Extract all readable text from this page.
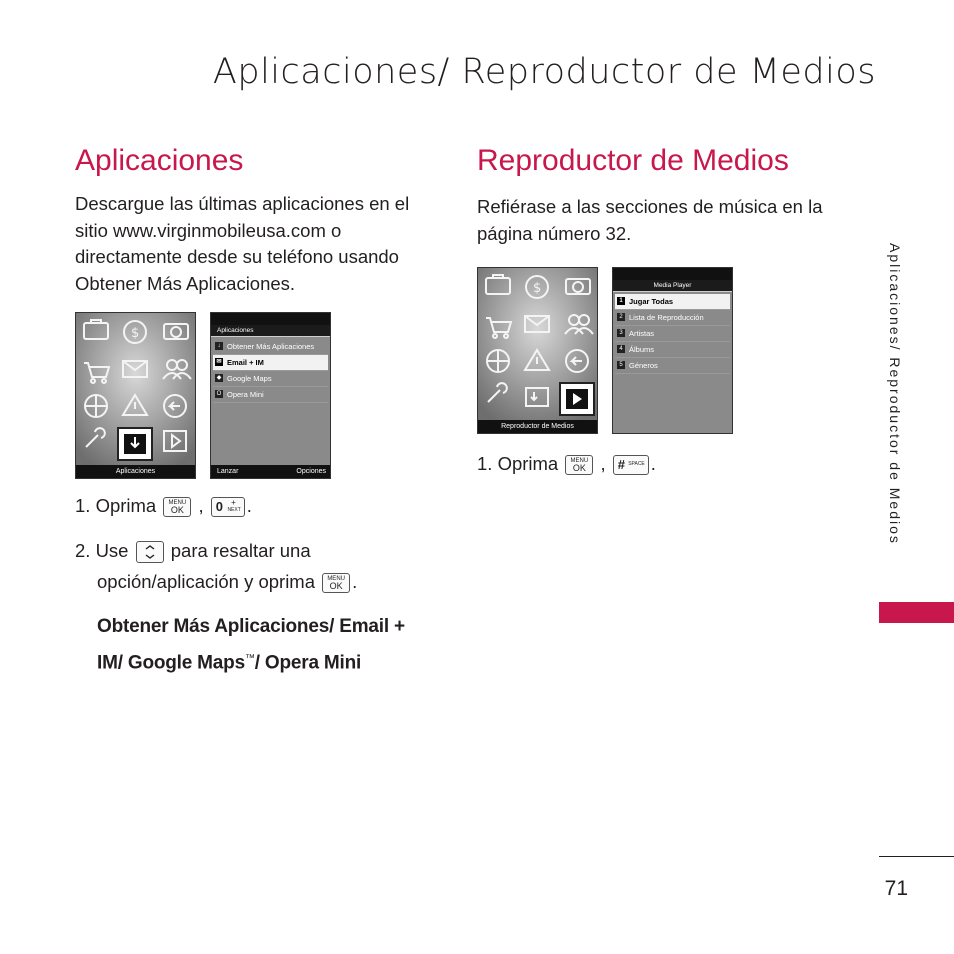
Aplicaciones/ Reproductor de Medios
Aplicaciones
Descargue las últimas aplicaciones en el
sitio www.virginmobileusa.com o
directamente desde su teléfono usando
Obtener Más Aplicaciones.
$
Aplicaciones
Aplicaciones
↓ Obtener Más Aplicaciones
✉ Email + IM
◆ Google Maps
O Opera Mini
Lanzar	Opciones
1. Oprima	MENU
OK , 0 +
NEXT .
2. Use para resaltar una
opción/aplicación y oprima	MENU
OK .
Obtener Más Aplicaciones/ Email +
IM/ Google Maps™/ Opera Mini
Reproductor de Medios
Refiérase a las secciones de música en la
página número 32.
$
Reproductor de Medios
Media Player
1 Jugar Todas
2 Lista de Reproducción
3 Artistas
4 Álbums
5 Géneros
1. Oprima	MENU
OK , # SPACE .	Aplicaciones/ Reproductor de Medios
71
